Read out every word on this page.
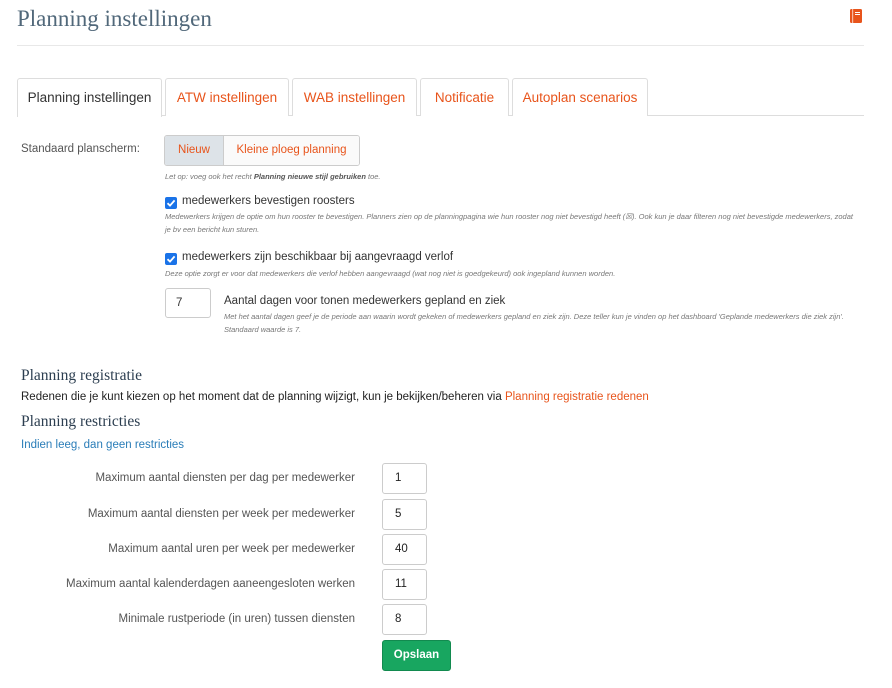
Planning instellingen
Planning instellingen	ATW instellingen	WAB instellingen	Notificatie	Autoplan scenarios
Standaard planscherm:	Nieuw	Kleine ploeg planning
Let op: voeg ook het recht Planning nieuwe stijl gebruiken toe.
medewerkers bevestigen roosters
Medewerkers krijgen de optie om hun rooster te bevestigen. Planners zien op de planningpagina wie hun rooster nog niet bevestigd heeft (☒). Ook kun je daar filteren nog niet bevestigde medewerkers, zodat je bv een bericht kun sturen.
medewerkers zijn beschikbaar bij aangevraagd verlof
Deze optie zorgt er voor dat medewerkers die verlof hebben aangevraagd (wat nog niet is goedgekeurd) ook ingepland kunnen worden.
7	Aantal dagen voor tonen medewerkers gepland en ziek
Met het aantal dagen geef je de periode aan waarin wordt gekeken of medewerkers gepland en ziek zijn. Deze teller kun je vinden op het dashboard 'Geplande medewerkers die ziek zijn'. Standaard waarde is 7.
Planning registratie
Redenen die je kunt kiezen op het moment dat de planning wijzigt, kun je bekijken/beheren via Planning registratie redenen
Planning restricties
Indien leeg, dan geen restricties
Maximum aantal diensten per dag per medewerker	1
Maximum aantal diensten per week per medewerker	5
Maximum aantal uren per week per medewerker	40
Maximum aantal kalenderdagen aaneengesloten werken	11
Minimale rustperiode (in uren) tussen diensten	8
Opslaan
